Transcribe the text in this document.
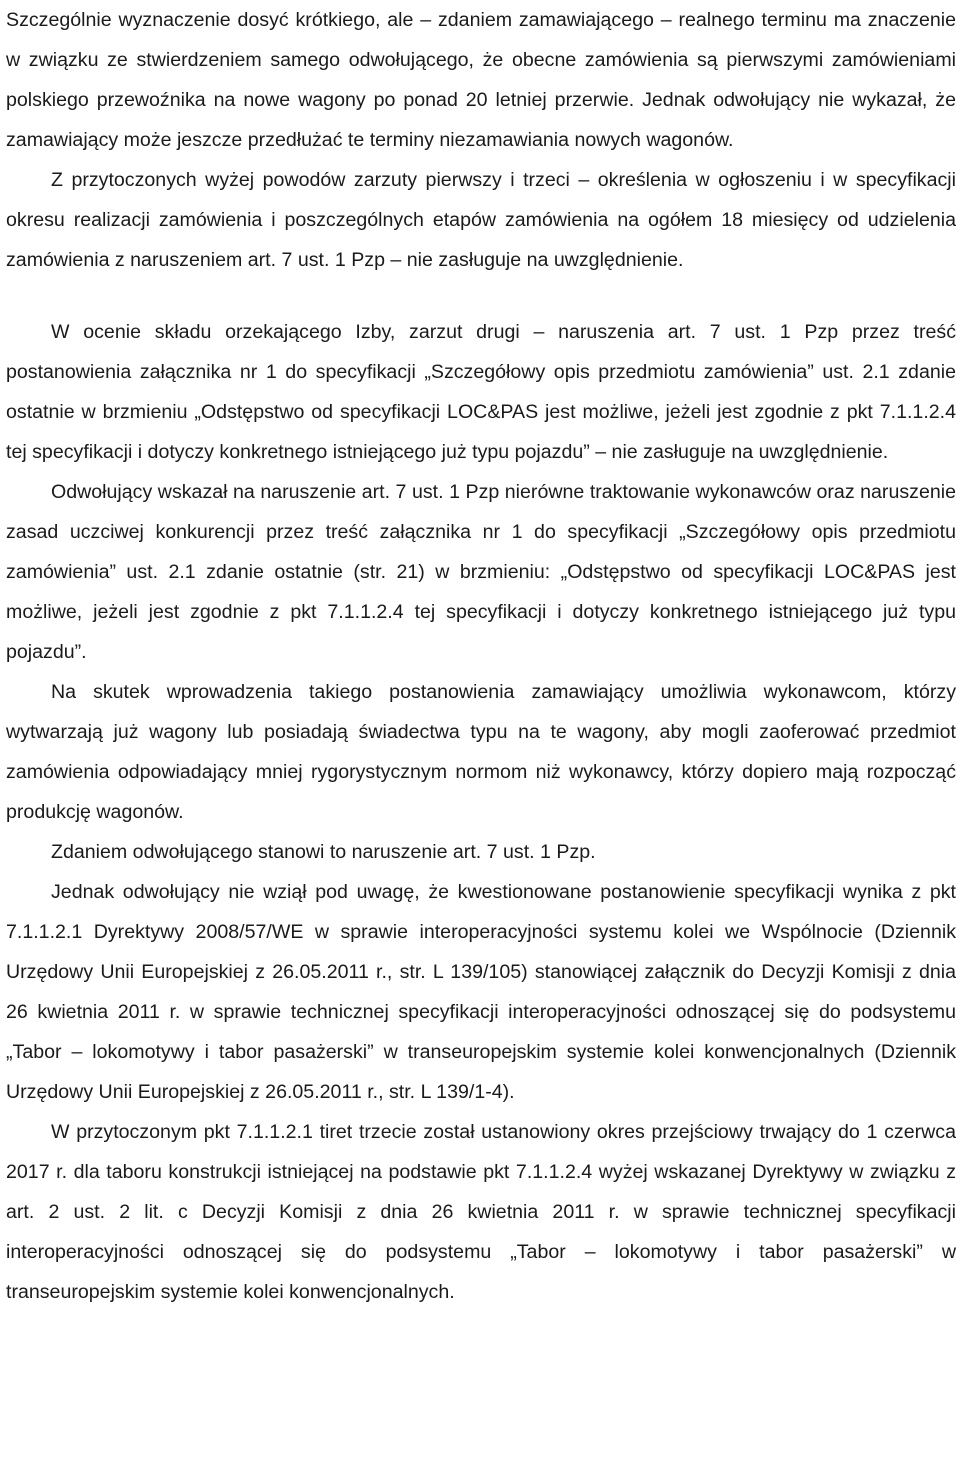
Szczególnie wyznaczenie dosyć krótkiego, ale – zdaniem zamawiającego – realnego terminu ma znaczenie w związku ze stwierdzeniem samego odwołującego, że obecne zamówienia są pierwszymi zamówieniami polskiego przewoźnika na nowe wagony po ponad 20 letniej przerwie. Jednak odwołujący nie wykazał, że zamawiający może jeszcze przedłużać te terminy niezamawiania nowych wagonów.

Z przytoczonych wyżej powodów zarzuty pierwszy i trzeci – określenia w ogłoszeniu i w specyfikacji okresu realizacji zamówienia i poszczególnych etapów zamówienia na ogółem 18 miesięcy od udzielenia zamówienia z naruszeniem art. 7 ust. 1 Pzp – nie zasługuje na uwzględnienie.

W ocenie składu orzekającego Izby, zarzut drugi – naruszenia art. 7 ust. 1 Pzp przez treść postanowienia załącznika nr 1 do specyfikacji „Szczegółowy opis przedmiotu zamówienia” ust. 2.1 zdanie ostatnie w brzmieniu „Odstępstwo od specyfikacji LOC&PAS jest możliwe, jeżeli jest zgodnie z pkt 7.1.1.2.4 tej specyfikacji i dotyczy konkretnego istniejącego już typu pojazdu” – nie zasługuje na uwzględnienie.

Odwołujący wskazał na naruszenie art. 7 ust. 1 Pzp nierówne traktowanie wykonawców oraz naruszenie zasad uczciwej konkurencji przez treść załącznika nr 1 do specyfikacji „Szczegółowy opis przedmiotu zamówienia” ust. 2.1 zdanie ostatnie (str. 21) w brzmieniu: „Odstępstwo od specyfikacji LOC&PAS jest możliwe, jeżeli jest zgodnie z pkt 7.1.1.2.4 tej specyfikacji i dotyczy konkretnego istniejącego już typu pojazdu”.

Na skutek wprowadzenia takiego postanowienia zamawiający umożliwia wykonawcom, którzy wytwarzają już wagony lub posiadają świadectwa typu na te wagony, aby mogli zaoferować przedmiot zamówienia odpowiadający mniej rygorystycznym normom niż wykonawcy, którzy dopiero mają rozpocząć produkcję wagonów.

Zdaniem odwołującego stanowi to naruszenie art. 7 ust. 1 Pzp.

Jednak odwołujący nie wziął pod uwagę, że kwestionowane postanowienie specyfikacji wynika z pkt 7.1.1.2.1 Dyrektywy 2008/57/WE w sprawie interoperacyjności systemu kolei we Wspólnocie (Dziennik Urzędowy Unii Europejskiej z 26.05.2011 r., str. L 139/105) stanowiącej załącznik do Decyzji Komisji z dnia 26 kwietnia 2011 r. w sprawie technicznej specyfikacji interoperacyjności odnoszącej się do podsystemu „Tabor – lokomotywy i tabor pasażerski” w transeuropejskim systemie kolei konwencjonalnych (Dziennik Urzędowy Unii Europejskiej z 26.05.2011 r., str. L 139/1-4).

W przytoczonym pkt 7.1.1.2.1 tiret trzecie został ustanowiony okres przejściowy trwający do 1 czerwca 2017 r. dla taboru konstrukcji istniejącej na podstawie pkt 7.1.1.2.4 wyżej wskazanej Dyrektywy w związku z art. 2 ust. 2 lit. c Decyzji Komisji z dnia 26 kwietnia 2011 r. w sprawie technicznej specyfikacji interoperacyjności odnoszącej się do podsystemu „Tabor – lokomotywy i tabor pasażerski” w transeuropejskim systemie kolei konwencjonalnych.
